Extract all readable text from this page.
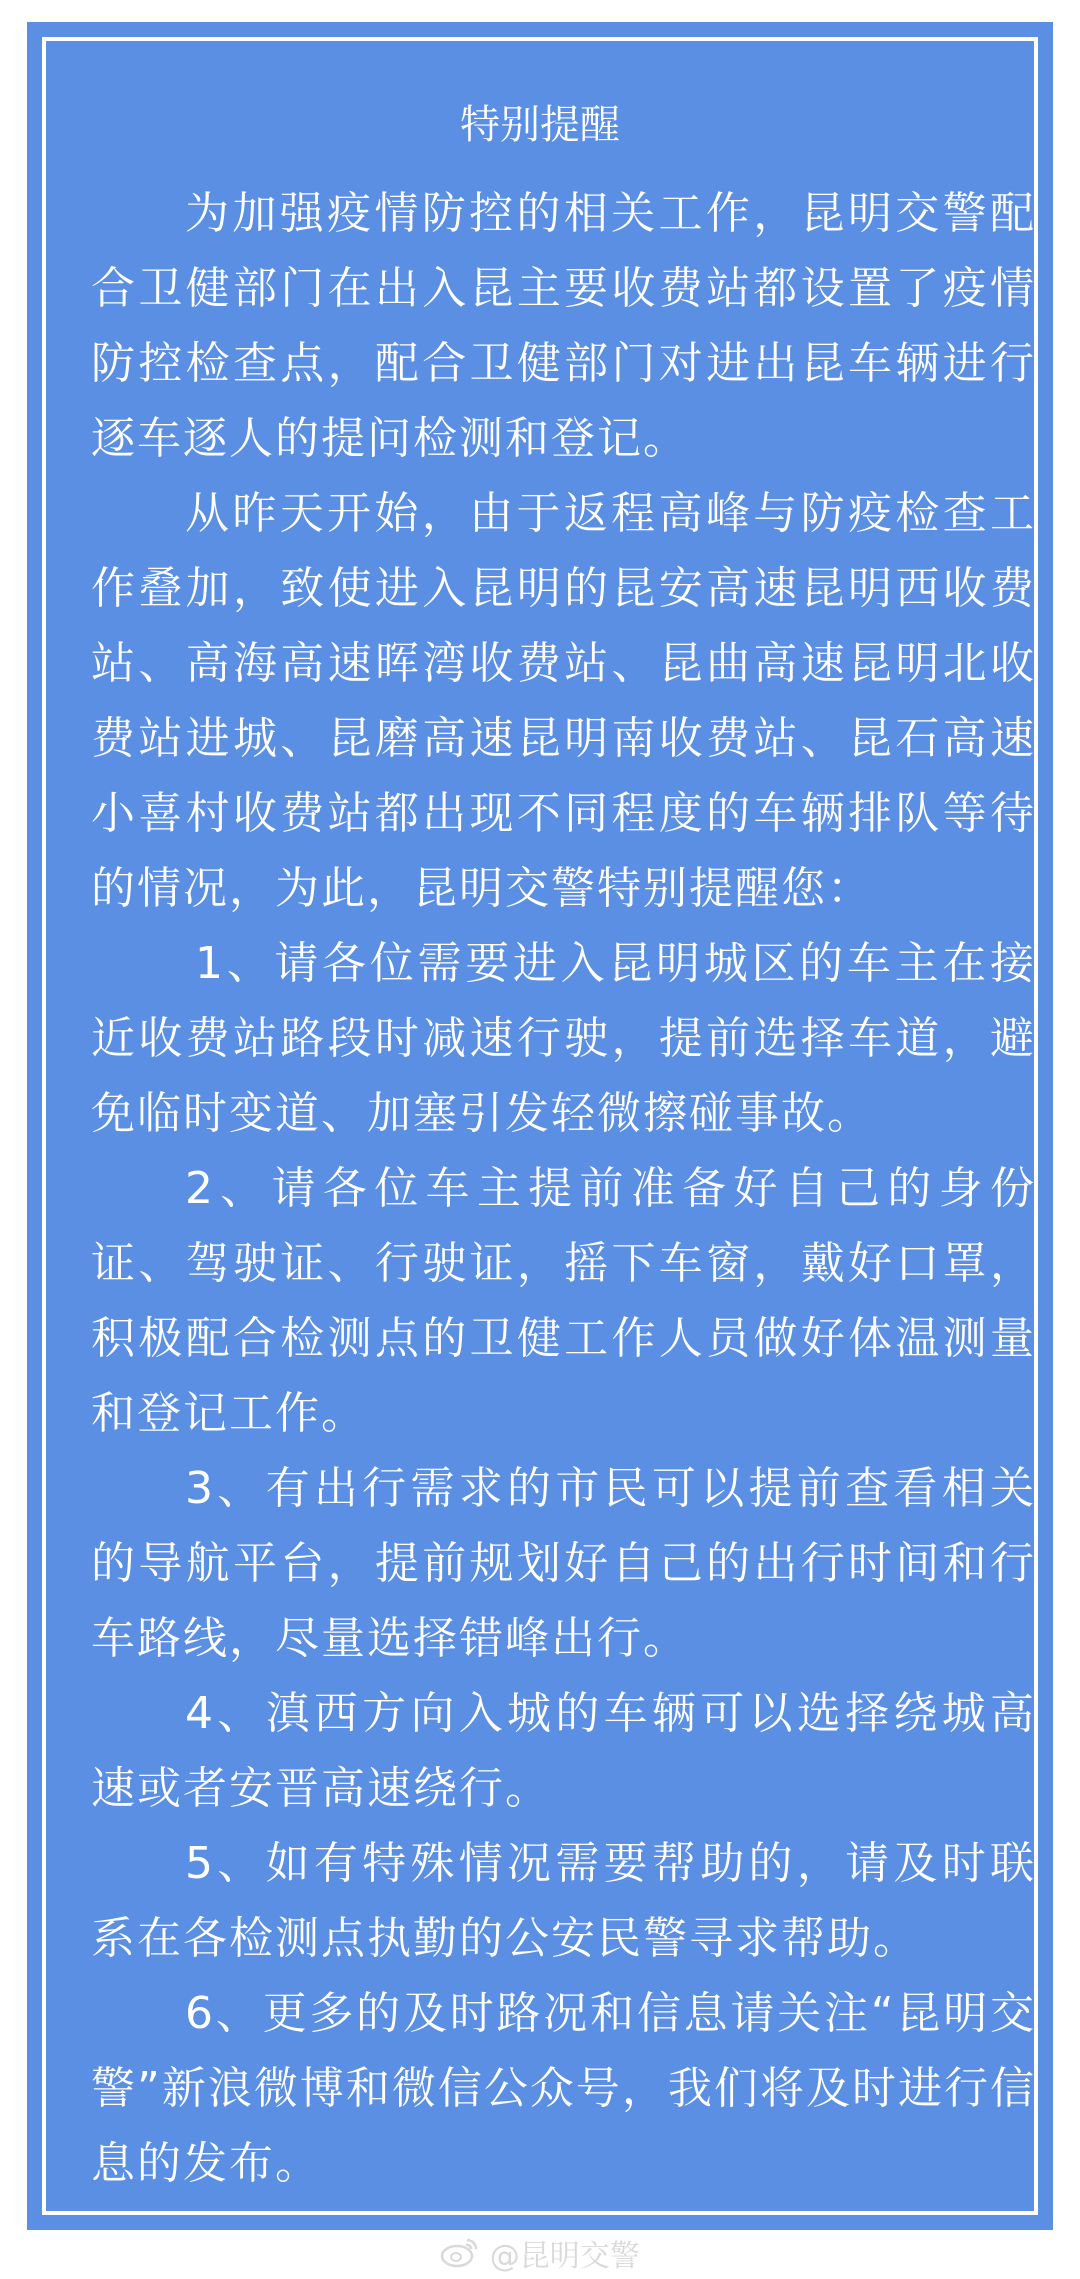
特别提醒

为加强疫情防控的相关工作，昆明交警配合卫健部门在出入昆主要收费站都设置了疫情防控检查点，配合卫健部门对进出昆车辆进行逐车逐人的提问检测和登记。

从昨天开始，由于返程高峰与防疫检查工作叠加，致使进入昆明的昆安高速昆明西收费站、高海高速晖湾收费站、昆曲高速昆明北收费站进城、昆磨高速昆明南收费站、昆石高速小喜村收费站都出现不同程度的车辆排队等待的情况，为此，昆明交警特别提醒您：

1、请各位需要进入昆明城区的车主在接近收费站路段时减速行驶，提前选择车道，避免临时变道、加塞引发轻微擦碰事故。

2、请各位车主提前准备好自己的身份证、驾驶证、行驶证，摇下车窗，戴好口罩，积极配合检测点的卫健工作人员做好体温测量和登记工作。

3、有出行需求的市民可以提前查看相关的导航平台，提前规划好自己的出行时间和行车路线，尽量选择错峰出行。

4、滇西方向入城的车辆可以选择绕城高速或者安晋高速绕行。

5、如有特殊情况需要帮助的，请及时联系在各检测点执勤的公安民警寻求帮助。

6、更多的及时路况和信息请关注“昆明交警”新浪微博和微信公众号，我们将及时进行信息的发布。

@昆明交警
